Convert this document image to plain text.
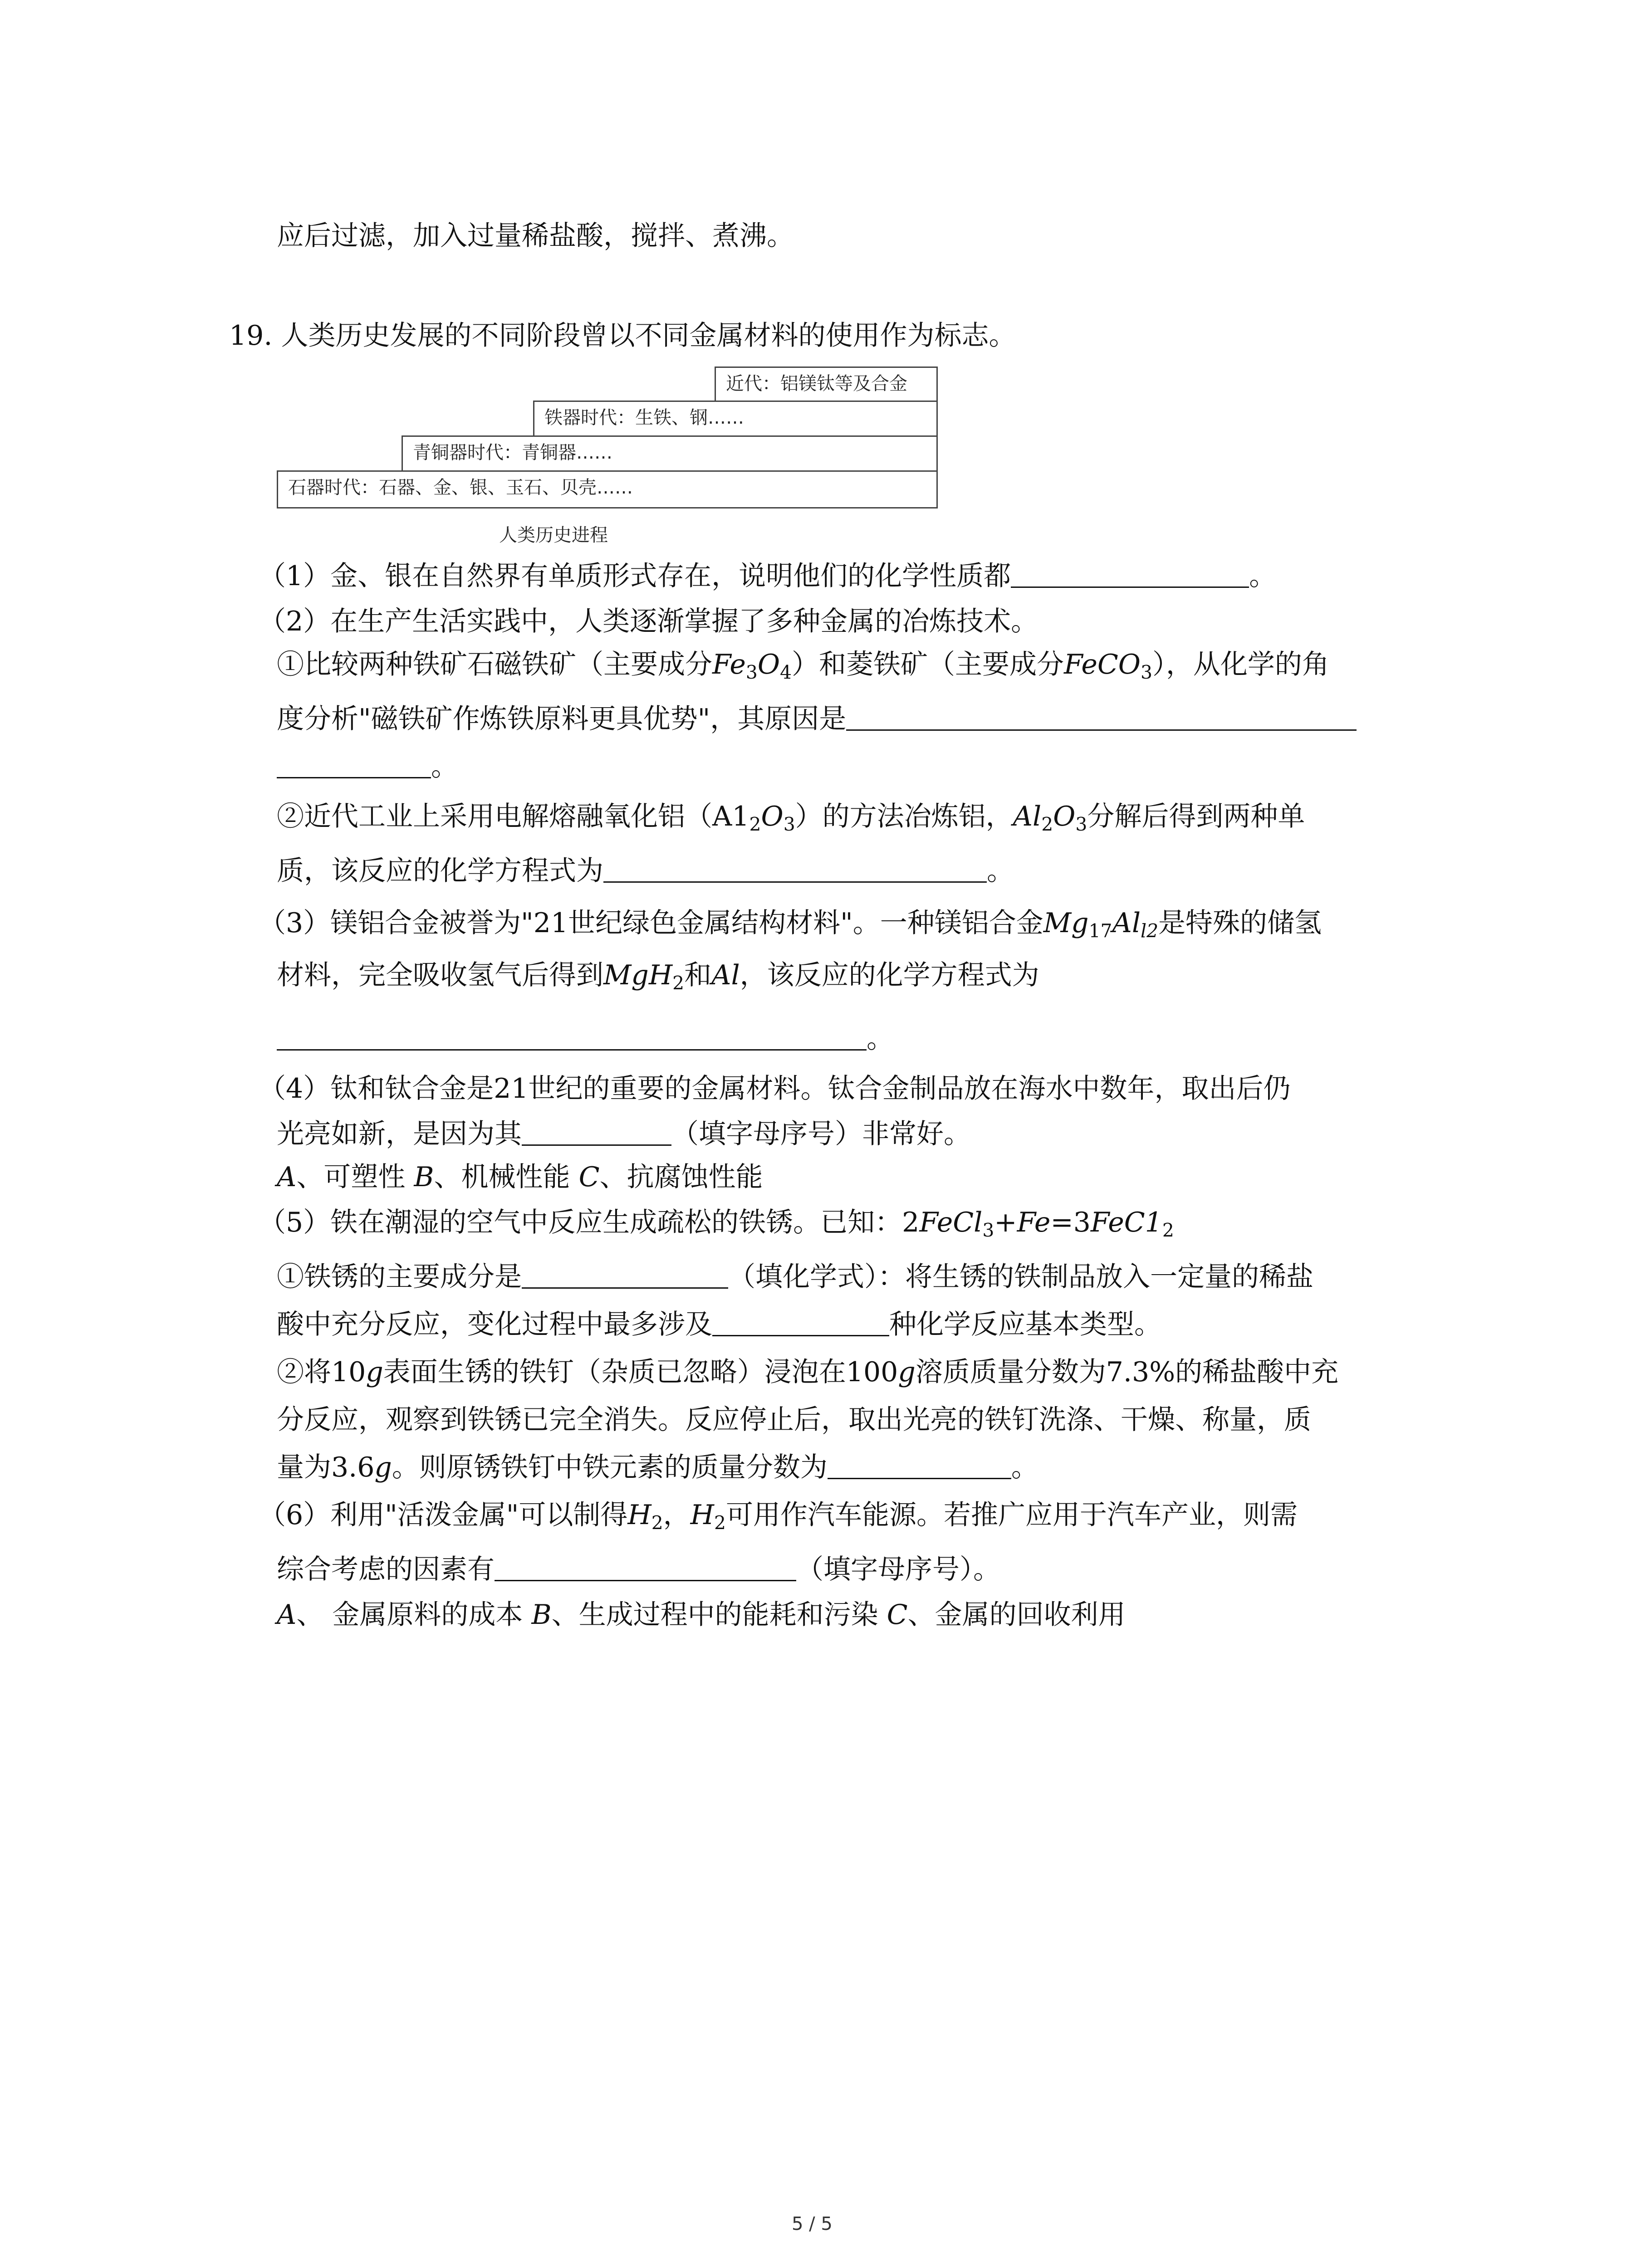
应后过滤，加入过量稀盐酸，搅拌、煮沸。
19. 人类历史发展的不同阶段曾以不同金属材料的使用作为标志。
近代：铝镁钛等及合金
铁器时代：生铁、钢……
青铜器时代：青铜器……
石器时代：石器、金、银、玉石、贝壳……
人类历史进程
（1）金、银在自然界有单质形式存在，说明他们的化学性质都	。
（2）在生产生活实践中，人类逐渐掌握了多种金属的冶炼技术。
①比较两种铁矿石磁铁矿（主要成分$Fe_3O_4$）和菱铁矿（主要成分FeCO$_3$），从化学的角
度分析"磁铁矿作炼铁原料更具优势"，其原因是
。
②近代工业上采用电解熔融氧化铝$(A1_2O_3)$的方法冶炼铝，$Al_2O_3$分解后得到两种单
质，该反应的化学方程式为	。
（3）镁铝合金被誉为"21世纪绿色金属结构材料"。一种镁铝合金$Mg_{17}Al_{l2}$是特殊的储氢
材料，完全吸收氢气后得到MgH$_2$和Al，该反应的化学方程式为
。
（4）钛和钛合金是21世纪的重要的金属材料。钛合金制品放在海水中数年，取出后仍
光亮如新，是因为其	（填字母序号）非常好。
A、可塑性 B、机械性能 C、抗腐蚀性能
（5）铁在潮湿的空气中反应生成疏松的铁锈。已知：$2FeCl_3+Fe=3FeC1_2$
①铁锈的主要成分是	（填化学式）：将生锈的铁制品放入一定量的稀盐
酸中充分反应，变化过程中最多涉及	种化学反应基本类型。
②将10g表面生锈的铁钉（杂质已忽略）浸泡在100g溶质质量分数为7.3%的稀盐酸中充
分反应，观察到铁锈已完全消失。反应停止后，取出光亮的铁钉洗涤、干燥、称量，质
量为3.6g。则原锈铁钉中铁元素的质量分数为	。
（6）利用"活泼金属"可以制得$H_2$，$H_2$可用作汽车能源。若推广应用于汽车产业，则需
综合考虑的因素有	（填字母序号）。
A、 金属原料的成本 B、生成过程中的能耗和污染 C、金属的回收利用
5 / 5
